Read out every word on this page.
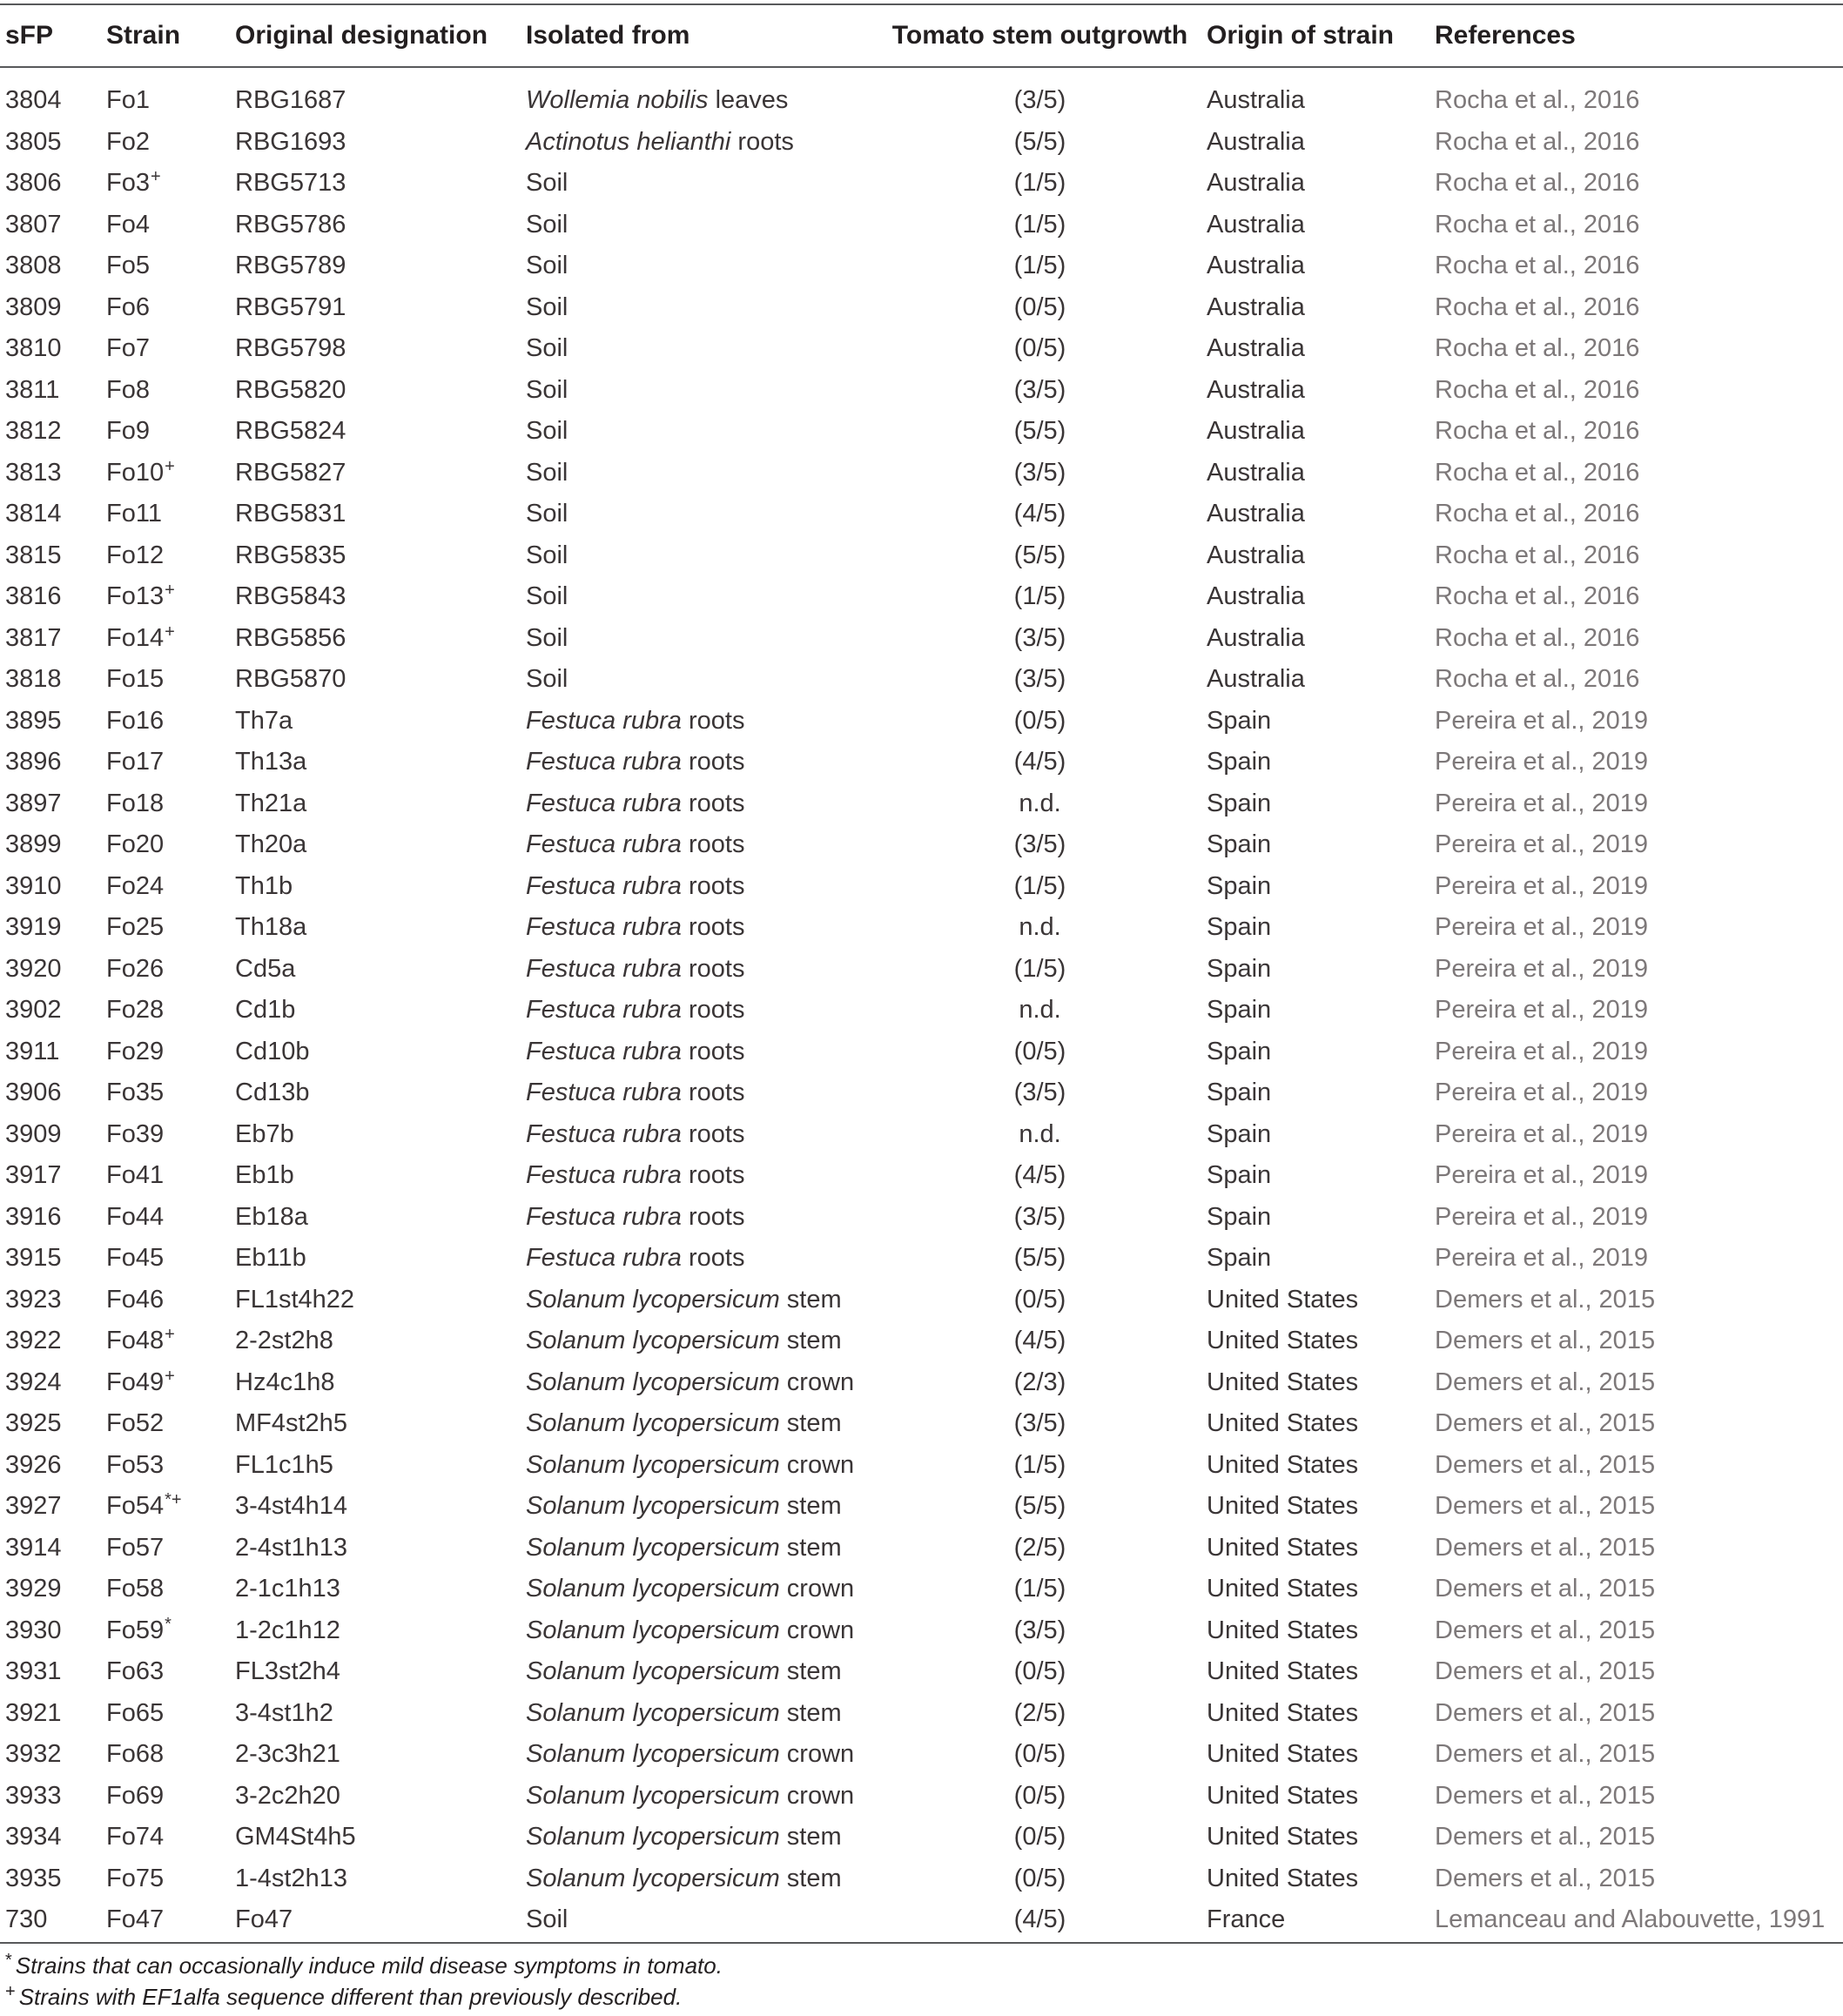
sFP	Strain	Original designation	Isolated from	Tomato stem outgrowth	Origin of strain	References
3804	Fo1	RBG1687	Wollemia nobilis leaves	(3/5)	Australia	Rocha et al., 2016
3805	Fo2	RBG1693	Actinotus helianthi roots	(5/5)	Australia	Rocha et al., 2016
3806	Fo3+	RBG5713	Soil	(1/5)	Australia	Rocha et al., 2016
3807	Fo4	RBG5786	Soil	(1/5)	Australia	Rocha et al., 2016
3808	Fo5	RBG5789	Soil	(1/5)	Australia	Rocha et al., 2016
3809	Fo6	RBG5791	Soil	(0/5)	Australia	Rocha et al., 2016
3810	Fo7	RBG5798	Soil	(0/5)	Australia	Rocha et al., 2016
3811	Fo8	RBG5820	Soil	(3/5)	Australia	Rocha et al., 2016
3812	Fo9	RBG5824	Soil	(5/5)	Australia	Rocha et al., 2016
3813	Fo10+	RBG5827	Soil	(3/5)	Australia	Rocha et al., 2016
3814	Fo11	RBG5831	Soil	(4/5)	Australia	Rocha et al., 2016
3815	Fo12	RBG5835	Soil	(5/5)	Australia	Rocha et al., 2016
3816	Fo13+	RBG5843	Soil	(1/5)	Australia	Rocha et al., 2016
3817	Fo14+	RBG5856	Soil	(3/5)	Australia	Rocha et al., 2016
3818	Fo15	RBG5870	Soil	(3/5)	Australia	Rocha et al., 2016
3895	Fo16	Th7a	Festuca rubra roots	(0/5)	Spain	Pereira et al., 2019
3896	Fo17	Th13a	Festuca rubra roots	(4/5)	Spain	Pereira et al., 2019
3897	Fo18	Th21a	Festuca rubra roots	n.d.	Spain	Pereira et al., 2019
3899	Fo20	Th20a	Festuca rubra roots	(3/5)	Spain	Pereira et al., 2019
3910	Fo24	Th1b	Festuca rubra roots	(1/5)	Spain	Pereira et al., 2019
3919	Fo25	Th18a	Festuca rubra roots	n.d.	Spain	Pereira et al., 2019
3920	Fo26	Cd5a	Festuca rubra roots	(1/5)	Spain	Pereira et al., 2019
3902	Fo28	Cd1b	Festuca rubra roots	n.d.	Spain	Pereira et al., 2019
3911	Fo29	Cd10b	Festuca rubra roots	(0/5)	Spain	Pereira et al., 2019
3906	Fo35	Cd13b	Festuca rubra roots	(3/5)	Spain	Pereira et al., 2019
3909	Fo39	Eb7b	Festuca rubra roots	n.d.	Spain	Pereira et al., 2019
3917	Fo41	Eb1b	Festuca rubra roots	(4/5)	Spain	Pereira et al., 2019
3916	Fo44	Eb18a	Festuca rubra roots	(3/5)	Spain	Pereira et al., 2019
3915	Fo45	Eb11b	Festuca rubra roots	(5/5)	Spain	Pereira et al., 2019
3923	Fo46	FL1st4h22	Solanum lycopersicum stem	(0/5)	United States	Demers et al., 2015
3922	Fo48+	2-2st2h8	Solanum lycopersicum stem	(4/5)	United States	Demers et al., 2015
3924	Fo49+	Hz4c1h8	Solanum lycopersicum crown	(2/3)	United States	Demers et al., 2015
3925	Fo52	MF4st2h5	Solanum lycopersicum stem	(3/5)	United States	Demers et al., 2015
3926	Fo53	FL1c1h5	Solanum lycopersicum crown	(1/5)	United States	Demers et al., 2015
3927	Fo54*+	3-4st4h14	Solanum lycopersicum stem	(5/5)	United States	Demers et al., 2015
3914	Fo57	2-4st1h13	Solanum lycopersicum stem	(2/5)	United States	Demers et al., 2015
3929	Fo58	2-1c1h13	Solanum lycopersicum crown	(1/5)	United States	Demers et al., 2015
3930	Fo59*	1-2c1h12	Solanum lycopersicum crown	(3/5)	United States	Demers et al., 2015
3931	Fo63	FL3st2h4	Solanum lycopersicum stem	(0/5)	United States	Demers et al., 2015
3921	Fo65	3-4st1h2	Solanum lycopersicum stem	(2/5)	United States	Demers et al., 2015
3932	Fo68	2-3c3h21	Solanum lycopersicum crown	(0/5)	United States	Demers et al., 2015
3933	Fo69	3-2c2h20	Solanum lycopersicum crown	(0/5)	United States	Demers et al., 2015
3934	Fo74	GM4St4h5	Solanum lycopersicum stem	(0/5)	United States	Demers et al., 2015
3935	Fo75	1-4st2h13	Solanum lycopersicum stem	(0/5)	United States	Demers et al., 2015
730	Fo47	Fo47	Soil	(4/5)	France	Lemanceau and Alabouvette, 1991
* Strains that can occasionally induce mild disease symptoms in tomato.
+ Strains with EF1alfa sequence different than previously described.
